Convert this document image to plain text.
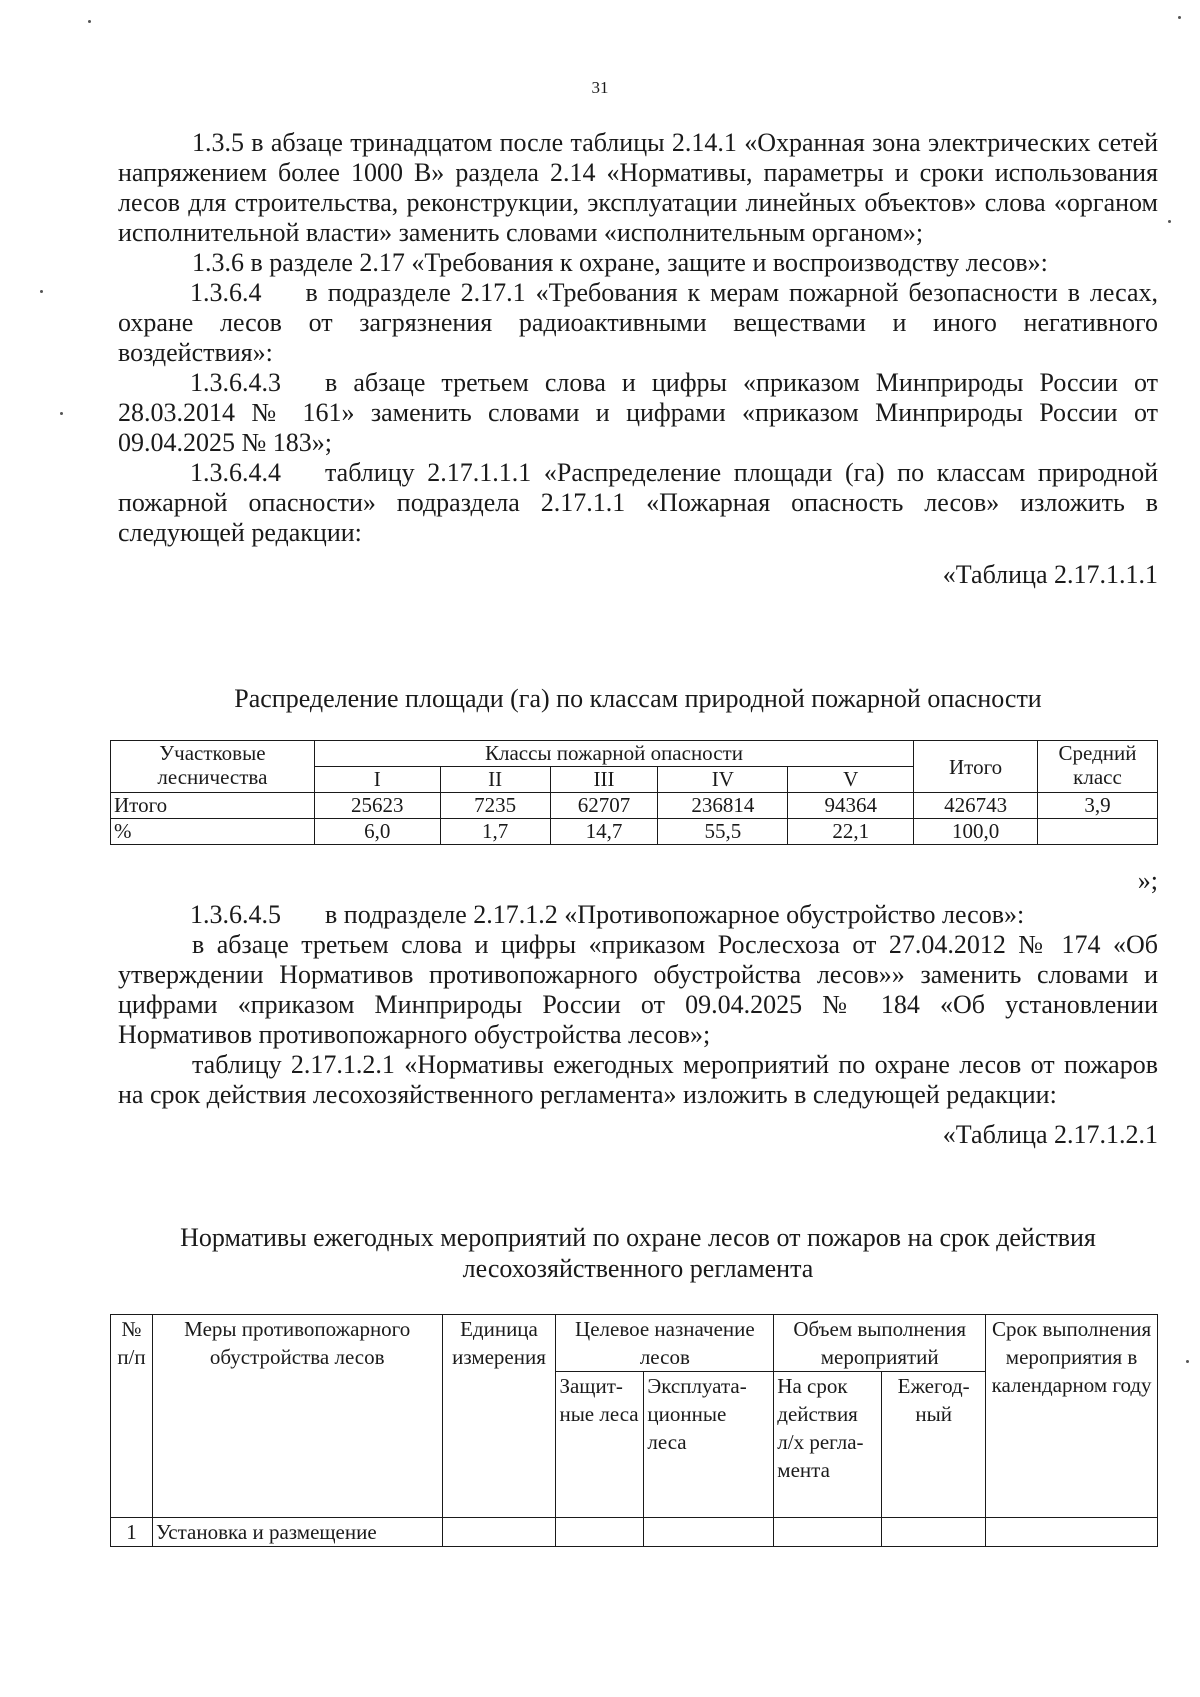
31

1.3.5 в абзаце тринадцатом после таблицы 2.14.1 «Охранная зона электрических сетей напряжением более 1000 В» раздела 2.14 «Нормативы, параметры и сроки использования лесов для строительства, реконструкции, эксплуатации линейных объектов» слова «органом исполнительной власти» заменить словами «исполнительным органом»;

1.3.6 в разделе 2.17 «Требования к охране, защите и воспроизводству лесов»:

1.3.6.4 в подразделе 2.17.1 «Требования к мерам пожарной безопасности в лесах, охране лесов от загрязнения радиоактивными веществами и иного негативного воздействия»:

1.3.6.4.3 в абзаце третьем слова и цифры «приказом Минприроды России от 28.03.2014 № 161» заменить словами и цифрами «приказом Минприроды России от 09.04.2025 № 183»;

1.3.6.4.4 таблицу 2.17.1.1.1 «Распределение площади (га) по классам природной пожарной опасности» подраздела 2.17.1.1 «Пожарная опасность лесов» изложить в следующей редакции:

«Таблица 2.17.1.1.1

Распределение площади (га) по классам природной пожарной опасности
Участковые лесничества	Классы пожарной опасности					Итого	Средний класс
	I	II	III	IV	V		
Итого	25623	7235	62707	236814	94364	426743	3,9
%	6,0	1,7	14,7	55,5	22,1	100,0	

»;

1.3.6.4.5 в подразделе 2.17.1.2 «Противопожарное обустройство лесов»:

в абзаце третьем слова и цифры «приказом Рослесхоза от 27.04.2012 № 174 «Об утверждении Нормативов противопожарного обустройства лесов»» заменить словами и цифрами «приказом Минприроды России от 09.04.2025 № 184 «Об установлении Нормативов противопожарного обустройства лесов»;

таблицу 2.17.1.2.1 «Нормативы ежегодных мероприятий по охране лесов от пожаров на срок действия лесохозяйственного регламента» изложить в следующей редакции:

«Таблица 2.17.1.2.1

Нормативы ежегодных мероприятий по охране лесов от пожаров на срок действия
лесохозяйственного регламента
№ п/п	Меры противопожарного обустройства лесов	Единица измерения	Целевое назначение лесов		Объем выполнения мероприятий		Срок выполнения мероприятия в календарном году
			Защит-ные леса	Эксплуата-ционные леса	На срок действия л/х регла-мента	Ежегод-ный	
1	Установка и размещение						
